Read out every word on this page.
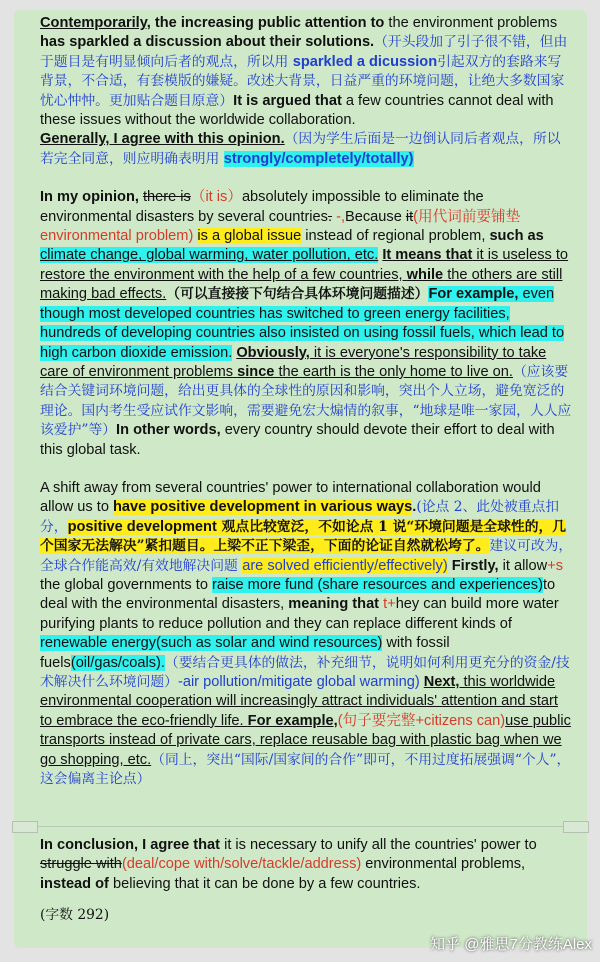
Contemporarily, the increasing public attention to the environment problems has sparkled a discussion about their solutions.（开头段加了引子很不错，但由于题目是有明显倾向后者的观点，所以用 sparkled a dicussion引起双方的套路来写背景，不合适，有套模版的嫌疑。改述大背景，日益严重的环境问题，让绝大多数国家忧心忡忡。更加贴合题目原意）It is argued that a few countries cannot deal with these issues without the worldwide collaboration.

Generally, I agree with this opinion.（因为学生后面是一边倒认同后者观点，所以若完全同意，则应明确表明用 strongly/completely/totally)

In my opinion, there is（it is）absolutely impossible to eliminate the environmental disasters by several countries. -,Because it(用代词前要铺垫environmental problem) is a global issue instead of regional problem, such as climate change, global warming, water pollution, etc. It means that it is useless to restore the environment with the help of a few countries, while the others are still making bad effects.（可以直接接下句结合具体环境问题描述）For example, even though most developed countries has switched to green energy facilities, hundreds of developing countries also insisted on using fossil fuels, which lead to high carbon dioxide emission. Obviously, it is everyone's responsibility to take care of environment problems since the earth is the only home to live on.（应该要结合关键词环境问题，给出更具体的全球性的原因和影响，突出个人立场，避免宽泛的理论。国内考生受应试作文影响，需要避免宏大煽情的叙事，“地球是唯一家园，人人应该爱护”等）In other words, every country should devote their effort to deal with this global task.

A shift away from several countries' power to international collaboration would allow us to have positive development in various ways.(论点 2、此处被重点扣分，positive development 观点比较宽泛，不如论点 1 说“环境问题是全球性的，几个国家无法解决”紧扣题目。上梁不正下梁歪，下面的论证自然就松垮了。建议可改为，全球合作能高效/有效地解决问题 are solved efficiently/effectively) Firstly, it allow+s the global governments to raise more fund (share resources and experiences)to deal with the environmental disasters, meaning that t+hey can build more water purifying plants to reduce pollution and they can replace different kinds of renewable energy(such as solar and wind resources) with fossil fuels(oil/gas/coals).（要结合更具体的做法，补充细节，说明如何利用更充分的资金/技术解决什么环境问题）-air pollution/mitigate global warming) Next, this worldwide environmental cooperation will increasingly attract individuals' attention and start to embrace the eco-friendly life. For example,(句子要完整+citizens can)use public transports instead of private cars, replace reusable bag with plastic bag when we go shopping, etc.（同上，突出“国际/国家间的合作”即可，不用过度拓展强调“个人”，这会偏离主论点）

In conclusion, I agree that it is necessary to unify all the countries' power to struggle with(deal/cope with/solve/tackle/address) environmental problems, instead of believing that it can be done by a few countries.

(字数 292)
知乎 @雅思7分教练Alex
